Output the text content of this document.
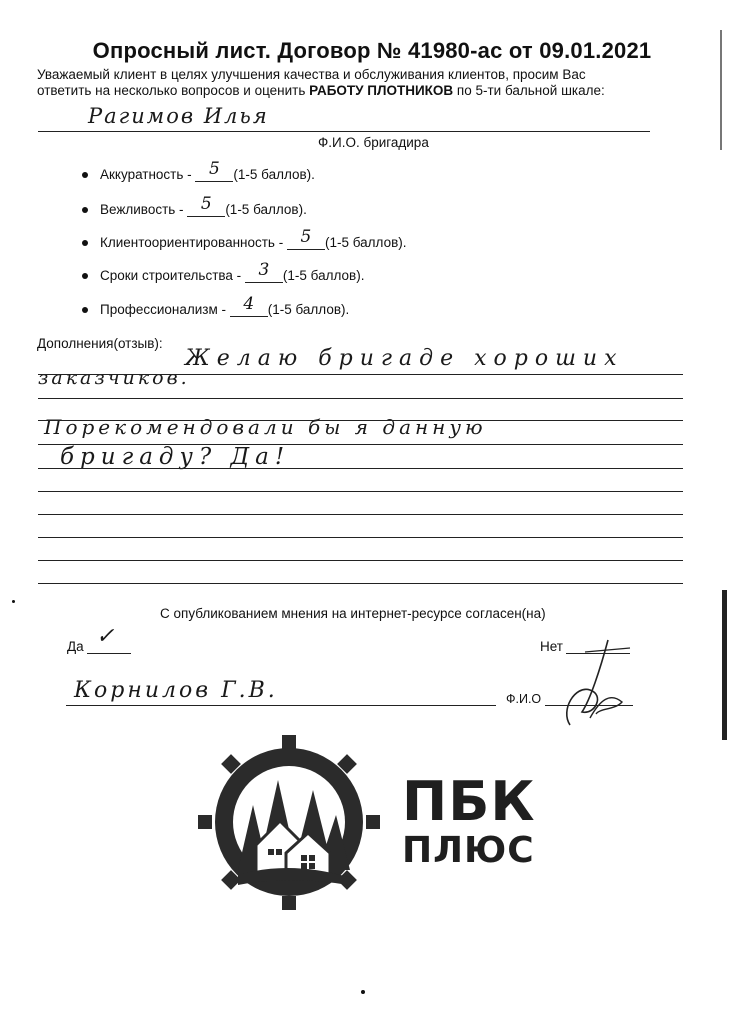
Опросный лист. Договор № 41980-ас от 09.01.2021
Уважаемый клиент в целях улучшения качества и обслуживания клиентов, просим Вас
ответить на несколько вопросов и оценить РАБОТУ ПЛОТНИКОВ по 5-ти бальной шкале:
Рагимов Илья
Ф.И.О. бригадира
Аккуратность - 5	(1-5 баллов).
Вежливость - 5	(1-5 баллов).
Клиентоориентированность - 5	(1-5 баллов).
Сроки строительства - 3	(1-5 баллов).
Профессионализм - 4	(1-5 баллов).
Дополнения(отзыв):
Желаю бригаде хороших
заказчиков.
Порекомендовали бы я данную
бригаду? Да!
С опубликованием мнения на интернет-ресурсе согласен(на)
Да ✓	Нет
Корнилов Г.В.	Ф.И.О
ПБК
ПЛЮС
